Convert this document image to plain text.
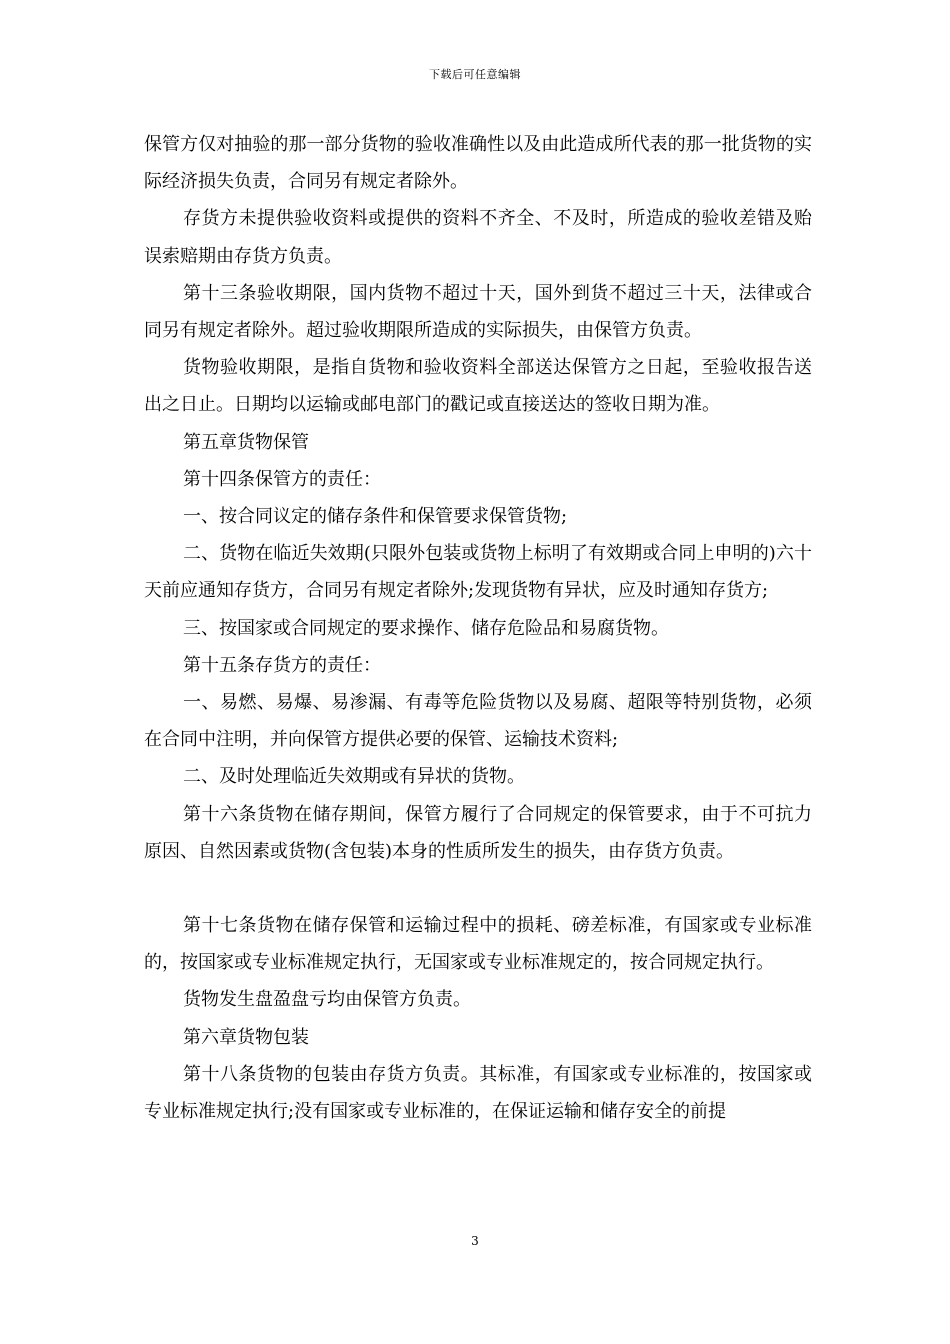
下载后可任意编辑

保管方仅对抽验的那一部分货物的验收准确性以及由此造成所代表的那一批货物的实际经济损失负责，合同另有规定者除外。

存货方未提供验收资料或提供的资料不齐全、不及时，所造成的验收差错及贻误索赔期由存货方负责。

第十三条验收期限，国内货物不超过十天，国外到货不超过三十天，法律或合同另有规定者除外。超过验收期限所造成的实际损失，由保管方负责。

货物验收期限，是指自货物和验收资料全部送达保管方之日起，至验收报告送出之日止。日期均以运输或邮电部门的戳记或直接送达的签收日期为准。

第五章货物保管

第十四条保管方的责任：

一、按合同议定的储存条件和保管要求保管货物;

二、货物在临近失效期(只限外包装或货物上标明了有效期或合同上申明的)六十天前应通知存货方，合同另有规定者除外;发现货物有异状，应及时通知存货方;

三、按国家或合同规定的要求操作、储存危险品和易腐货物。

第十五条存货方的责任：

一、易燃、易爆、易渗漏、有毒等危险货物以及易腐、超限等特别货物，必须在合同中注明，并向保管方提供必要的保管、运输技术资料;

二、及时处理临近失效期或有异状的货物。

第十六条货物在储存期间，保管方履行了合同规定的保管要求，由于不可抗力原因、自然因素或货物(含包装)本身的性质所发生的损失，由存货方负责。

第十七条货物在储存保管和运输过程中的损耗、磅差标准，有国家或专业标准的，按国家或专业标准规定执行，无国家或专业标准规定的，按合同规定执行。

货物发生盘盈盘亏均由保管方负责。

第六章货物包装

第十八条货物的包装由存货方负责。其标准，有国家或专业标准的，按国家或专业标准规定执行;没有国家或专业标准的，在保证运输和储存安全的前提

3
